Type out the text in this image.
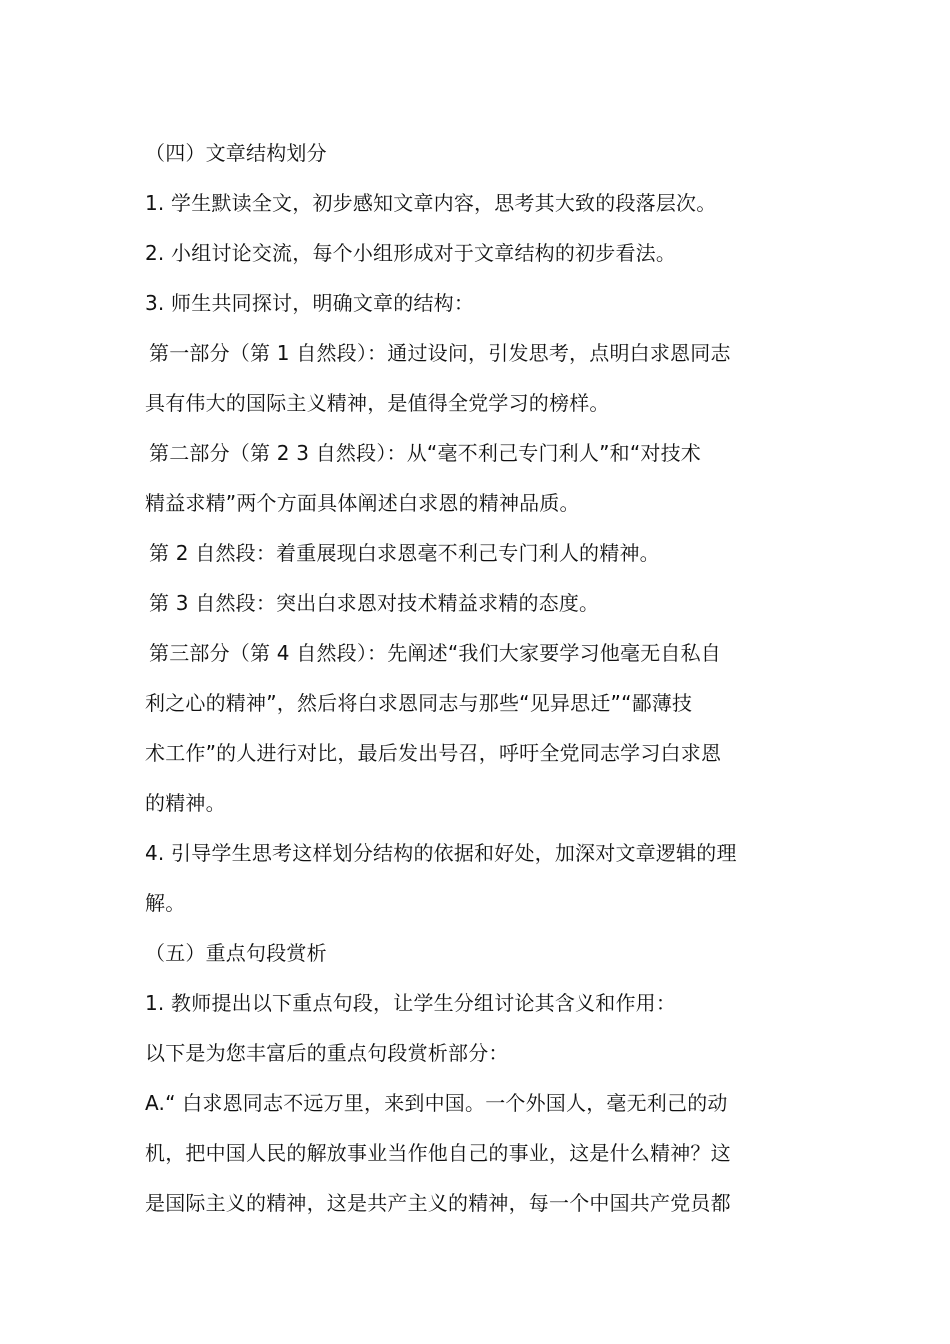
（四）文章结构划分
1. 学生默读全文，初步感知文章内容，思考其大致的段落层次。
2. 小组讨论交流，每个小组形成对于文章结构的初步看法。
3. 师生共同探讨，明确文章的结构：
第一部分（第 1 自然段）：通过设问，引发思考，点明白求恩同志
具有伟大的国际主义精神，是值得全党学习的榜样。
第二部分（第 2 3 自然段）：从“毫不利己专门利人”和“对技术
精益求精”两个方面具体阐述白求恩的精神品质。
第 2 自然段：着重展现白求恩毫不利己专门利人的精神。
第 3 自然段：突出白求恩对技术精益求精的态度。
第三部分（第 4 自然段）：先阐述“我们大家要学习他毫无自私自
利之心的精神”，然后将白求恩同志与那些“见异思迁”“鄙薄技
术工作”的人进行对比，最后发出号召，呼吁全党同志学习白求恩
的精神。
4. 引导学生思考这样划分结构的依据和好处，加深对文章逻辑的理
解。
（五）重点句段赏析
1. 教师提出以下重点句段，让学生分组讨论其含义和作用：
以下是为您丰富后的重点句段赏析部分：
A.“ 白求恩同志不远万里，来到中国。一个外国人，毫无利己的动
机，把中国人民的解放事业当作他自己的事业，这是什么精神？这
是国际主义的精神，这是共产主义的精神，每一个中国共产党员都
